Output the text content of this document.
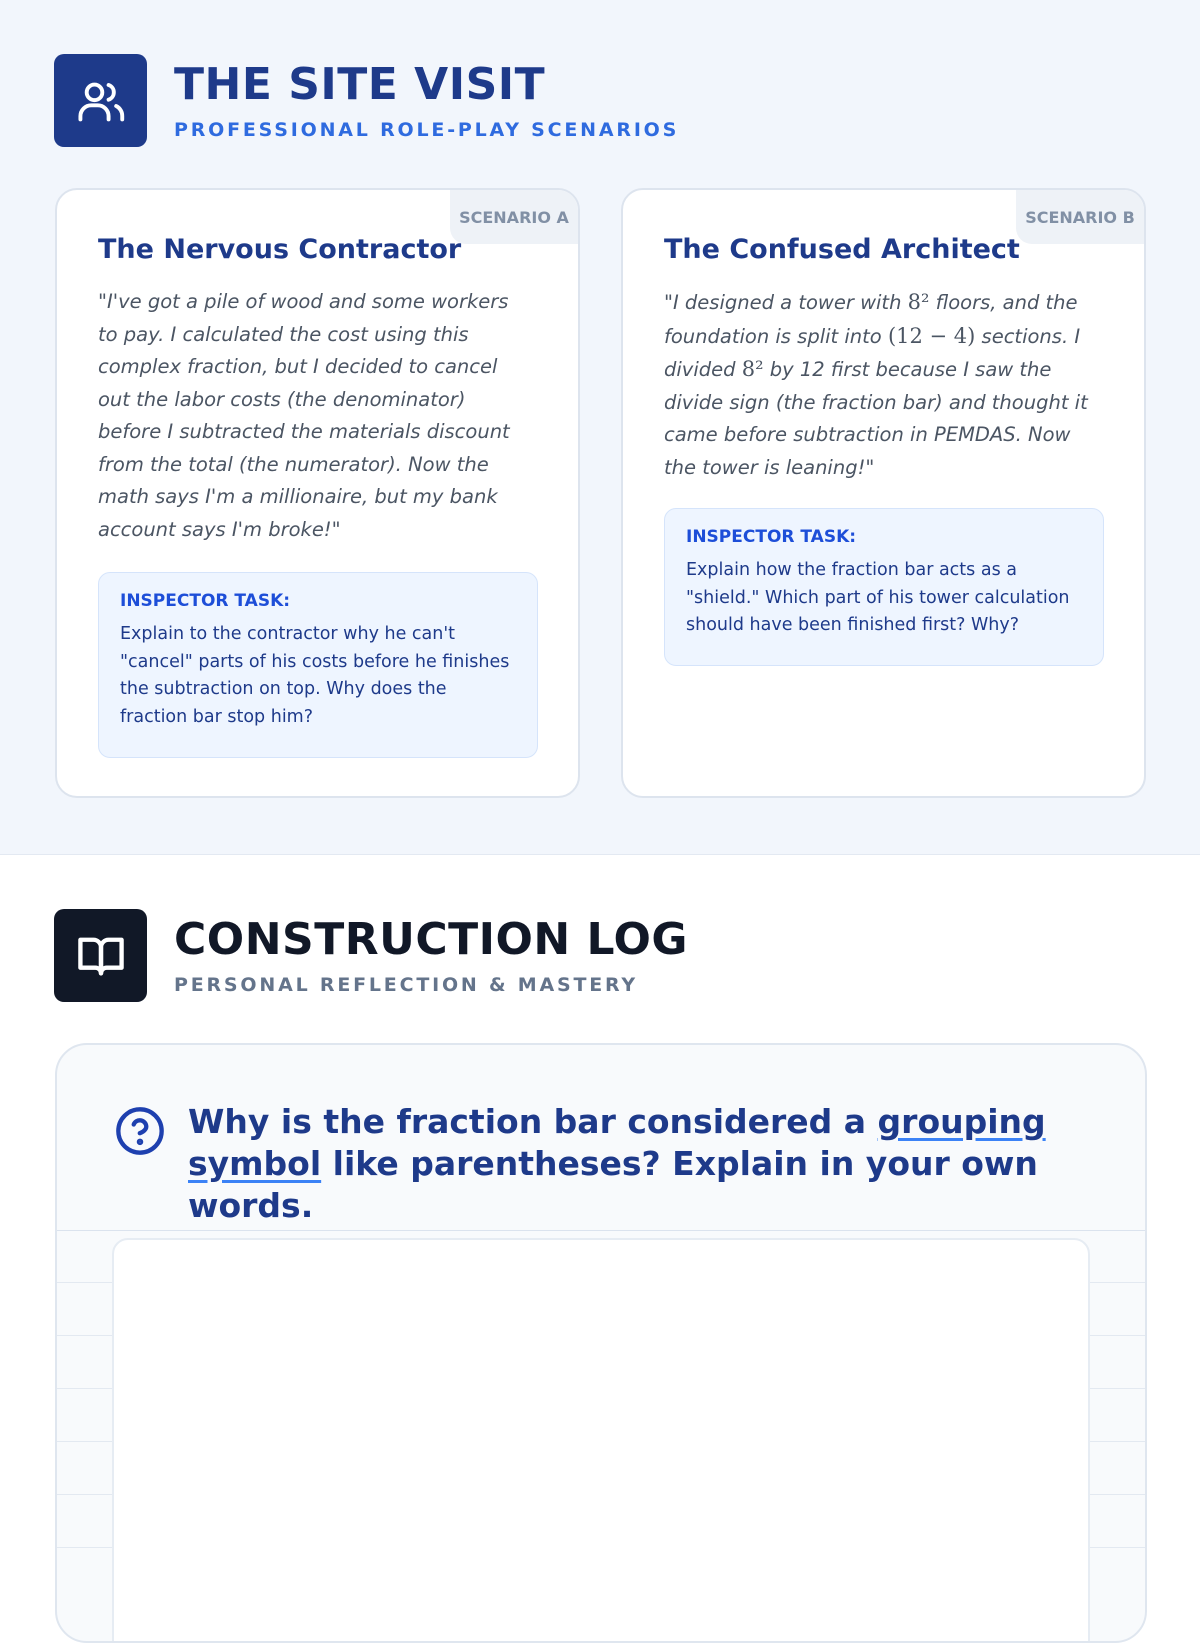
THE SITE VISIT
PROFESSIONAL ROLE-PLAY SCENARIOS
SCENARIO A
The Nervous Contractor
"I've got a pile of wood and some workers to pay. I calculated the cost using this complex fraction, but I decided to cancel out the labor costs (the denominator) before I subtracted the materials discount from the total (the numerator). Now the math says I'm a millionaire, but my bank account says I'm broke!"
INSPECTOR TASK:
Explain to the contractor why he can't "cancel" parts of his costs before he finishes the subtraction on top. Why does the fraction bar stop him?
SCENARIO B
The Confused Architect
"I designed a tower with 8² floors, and the foundation is split into (12 − 4) sections. I divided 8² by 12 first because I saw the divide sign (the fraction bar) and thought it came before subtraction in PEMDAS. Now the tower is leaning!"
INSPECTOR TASK:
Explain how the fraction bar acts as a "shield." Which part of his tower calculation should have been finished first? Why?
CONSTRUCTION LOG
PERSONAL REFLECTION & MASTERY
Why is the fraction bar considered a grouping symbol like parentheses? Explain in your own words.
